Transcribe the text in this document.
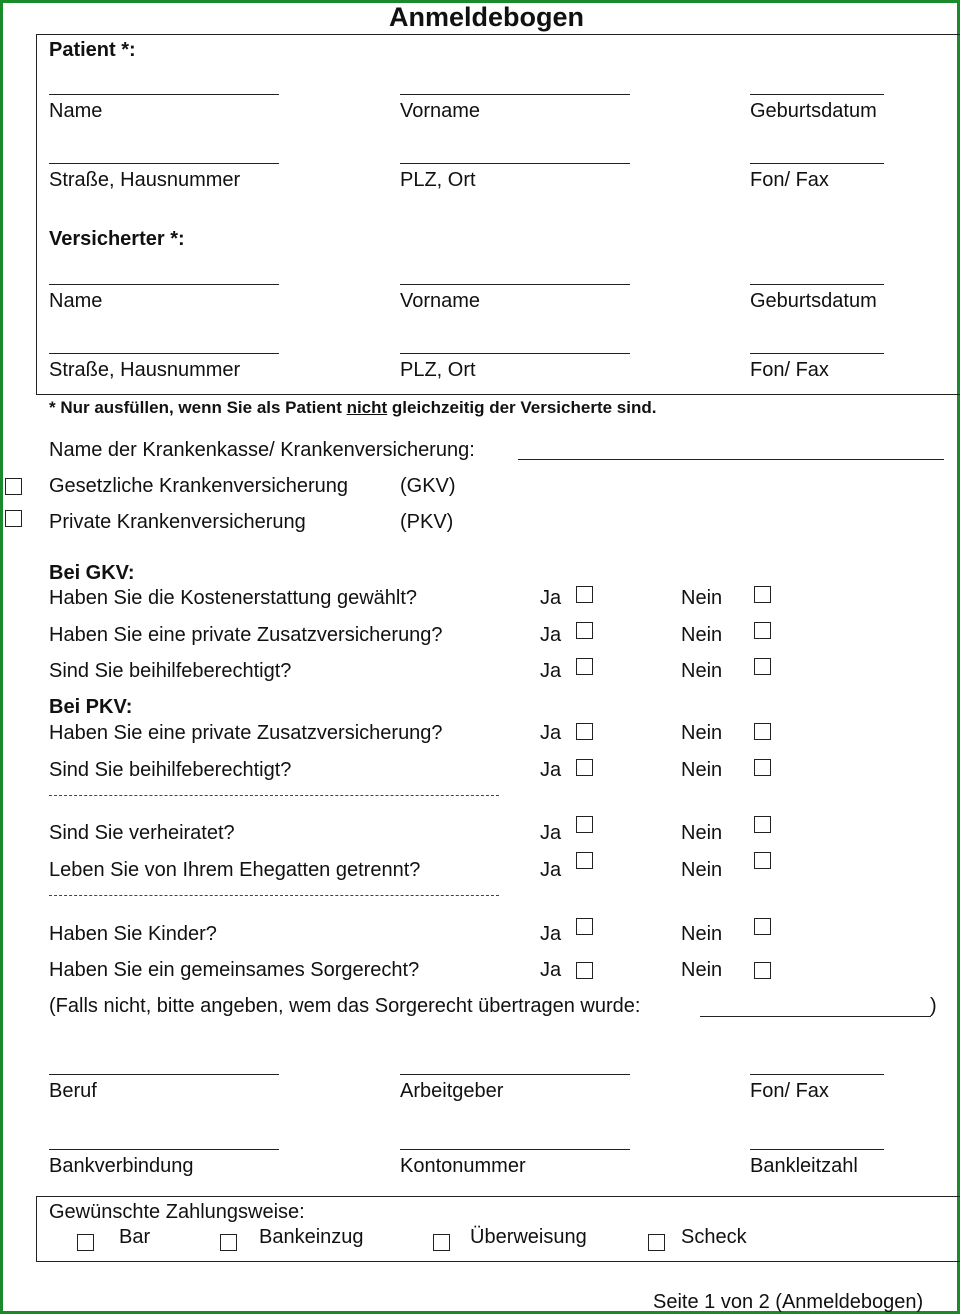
Anmeldebogen
Patient *:
Name	Vorname	Geburtsdatum
Straße, Hausnummer	PLZ, Ort	Fon/ Fax
Versicherter *:
Name	Vorname	Geburtsdatum
Straße, Hausnummer	PLZ, Ort	Fon/ Fax
* Nur ausfüllen, wenn Sie als Patient nicht gleichzeitig der Versicherte sind.
Name der Krankenkasse/ Krankenversicherung:
Gesetzliche Krankenversicherung	(GKV)
Private Krankenversicherung	(PKV)
Bei GKV:
Haben Sie die Kostenerstattung gewählt?	Ja	Nein
Haben Sie eine private Zusatzversicherung?	Ja	Nein
Sind Sie beihilfeberechtigt?	Ja	Nein
Bei PKV:
Haben Sie eine private Zusatzversicherung?	Ja	Nein
Sind Sie beihilfeberechtigt?	Ja	Nein
Sind Sie verheiratet?	Ja	Nein
Leben Sie von Ihrem Ehegatten getrennt?	Ja	Nein
Haben Sie Kinder?	Ja	Nein
Haben Sie ein gemeinsames Sorgerecht?	Ja	Nein
(Falls nicht, bitte angeben, wem das Sorgerecht übertragen wurde:	)
Beruf	Arbeitgeber	Fon/ Fax
Bankverbindung	Kontonummer	Bankleitzahl
Gewünschte Zahlungsweise:
Bar	Bankeinzug	Überweisung	Scheck
Seite 1 von 2 (Anmeldebogen)
